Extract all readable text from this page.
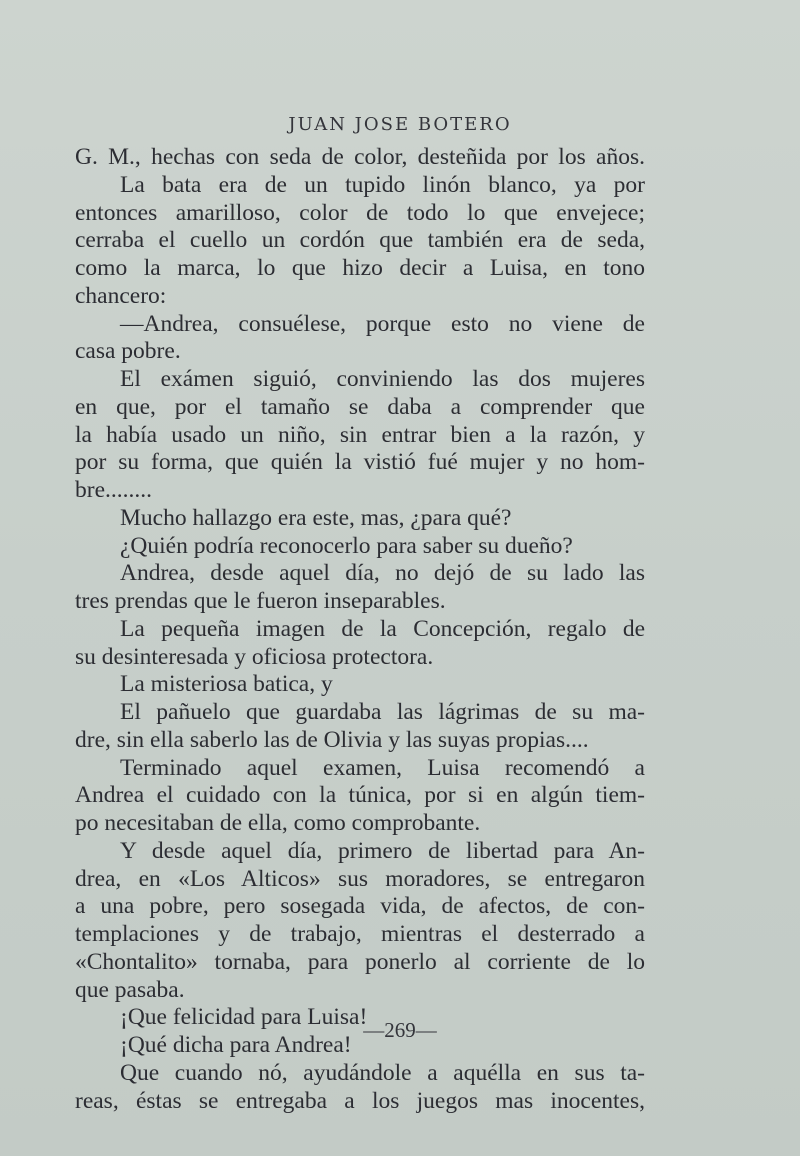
JUAN JOSE BOTERO
G. M., hechas con seda de color, desteñida por los años.
La bata era de un tupido linón blanco, ya por
entonces amarilloso, color de todo lo que envejece;
cerraba el cuello un cordón que también era de seda,
como la marca, lo que hizo decir a Luisa, en tono
chancero:
—Andrea, consuélese, porque esto no viene de
casa pobre.
El exámen siguió, conviniendo las dos mujeres
en que, por el tamaño se daba a comprender que
la había usado un niño, sin entrar bien a la razón, y
por su forma, que quién la vistió fué mujer y no hom-
bre........
Mucho hallazgo era este, mas, ¿para qué?
¿Quién podría reconocerlo para saber su dueño?
Andrea, desde aquel día, no dejó de su lado las
tres prendas que le fueron inseparables.
La pequeña imagen de la Concepción, regalo de
su desinteresada y oficiosa protectora.
La misteriosa batica, y
El pañuelo que guardaba las lágrimas de su ma-
dre, sin ella saberlo las de Olivia y las suyas propias....
Terminado aquel examen, Luisa recomendó a
Andrea el cuidado con la túnica, por si en algún tiem-
po necesitaban de ella, como comprobante.
Y desde aquel día, primero de libertad para An-
drea, en «Los Alticos» sus moradores, se entregaron
a una pobre, pero sosegada vida, de afectos, de con-
templaciones y de trabajo, mientras el desterrado a
«Chontalito» tornaba, para ponerlo al corriente de lo
que pasaba.
¡Que felicidad para Luisa!
¡Qué dicha para Andrea!
Que cuando nó, ayudándole a aquélla en sus ta-
reas, éstas se entregaba a los juegos mas inocentes,
—269—
